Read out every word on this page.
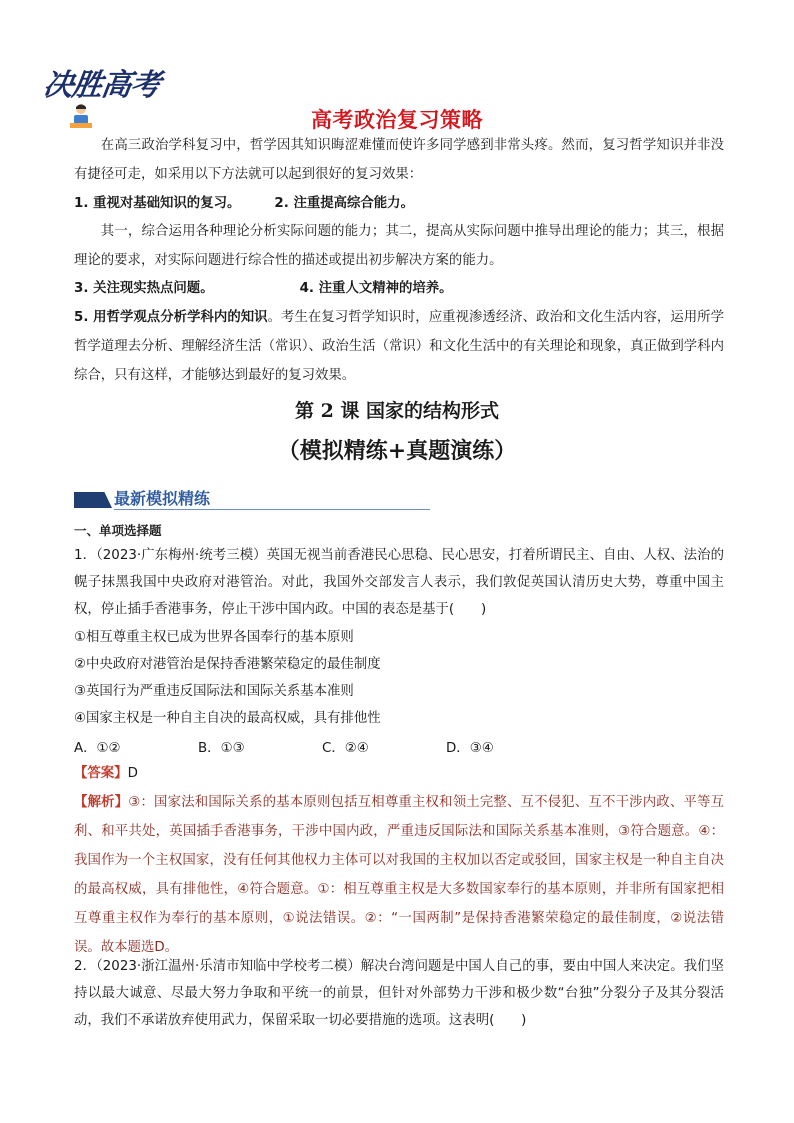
决胜高考
高考政治复习策略

在高三政治学科复习中，哲学因其知识晦涩难懂而使许多同学感到非常头疼。然而，复习哲学知识并非没有捷径可走，如采用以下方法就可以起到很好的复习效果：

1. 重视对基础知识的复习。	2. 注重提高综合能力。

其一，综合运用各种理论分析实际问题的能力；其二，提高从实际问题中推导出理论的能力；其三，根据理论的要求，对实际问题进行综合性的描述或提出初步解决方案的能力。

3. 关注现实热点问题。	4. 注重人文精神的培养。

5. 用哲学观点分析学科内的知识。考生在复习哲学知识时，应重视渗透经济、政治和文化生活内容，运用所学哲学道理去分析、理解经济生活（常识）、政治生活（常识）和文化生活中的有关理论和现象，真正做到学科内综合，只有这样，才能够达到最好的复习效果。

第 2 课 国家的结构形式
（模拟精练+真题演练）
最新模拟精练

一、单项选择题

1．（2023·广东梅州·统考三模）英国无视当前香港民心思稳、民心思安，打着所谓民主、自由、人权、法治的幌子抹黑我国中央政府对港管治。对此，我国外交部发言人表示，我们敦促英国认清历史大势，尊重中国主权，停止插手香港事务，停止干涉中国内政。中国的表态是基于(　　)

①相互尊重主权已成为世界各国奉行的基本原则

②中央政府对港管治是保持香港繁荣稳定的最佳制度

③英国行为严重违反国际法和国际关系基本准则

④国家主权是一种自主自决的最高权威，具有排他性

A．①②	B．①③	C．②④	D．③④

【答案】D

【解析】③：国家法和国际关系的基本原则包括互相尊重主权和领土完整、互不侵犯、互不干涉内政、平等互利、和平共处，英国插手香港事务，干涉中国内政，严重违反国际法和国际关系基本准则，③符合题意。④：我国作为一个主权国家，没有任何其他权力主体可以对我国的主权加以否定或驳回，国家主权是一种自主自决的最高权威，具有排他性，④符合题意。①：相互尊重主权是大多数国家奉行的基本原则，并非所有国家把相互尊重主权作为奉行的基本原则，①说法错误。②：“一国两制”是保持香港繁荣稳定的最佳制度，②说法错误。故本题选D。

2．（2023·浙江温州·乐清市知临中学校考二模）解决台湾问题是中国人自己的事，要由中国人来决定。我们坚持以最大诚意、尽最大努力争取和平统一的前景，但针对外部势力干涉和极少数“台独”分裂分子及其分裂活动，我们不承诺放弃使用武力，保留采取一切必要措施的选项。这表明(　　)
